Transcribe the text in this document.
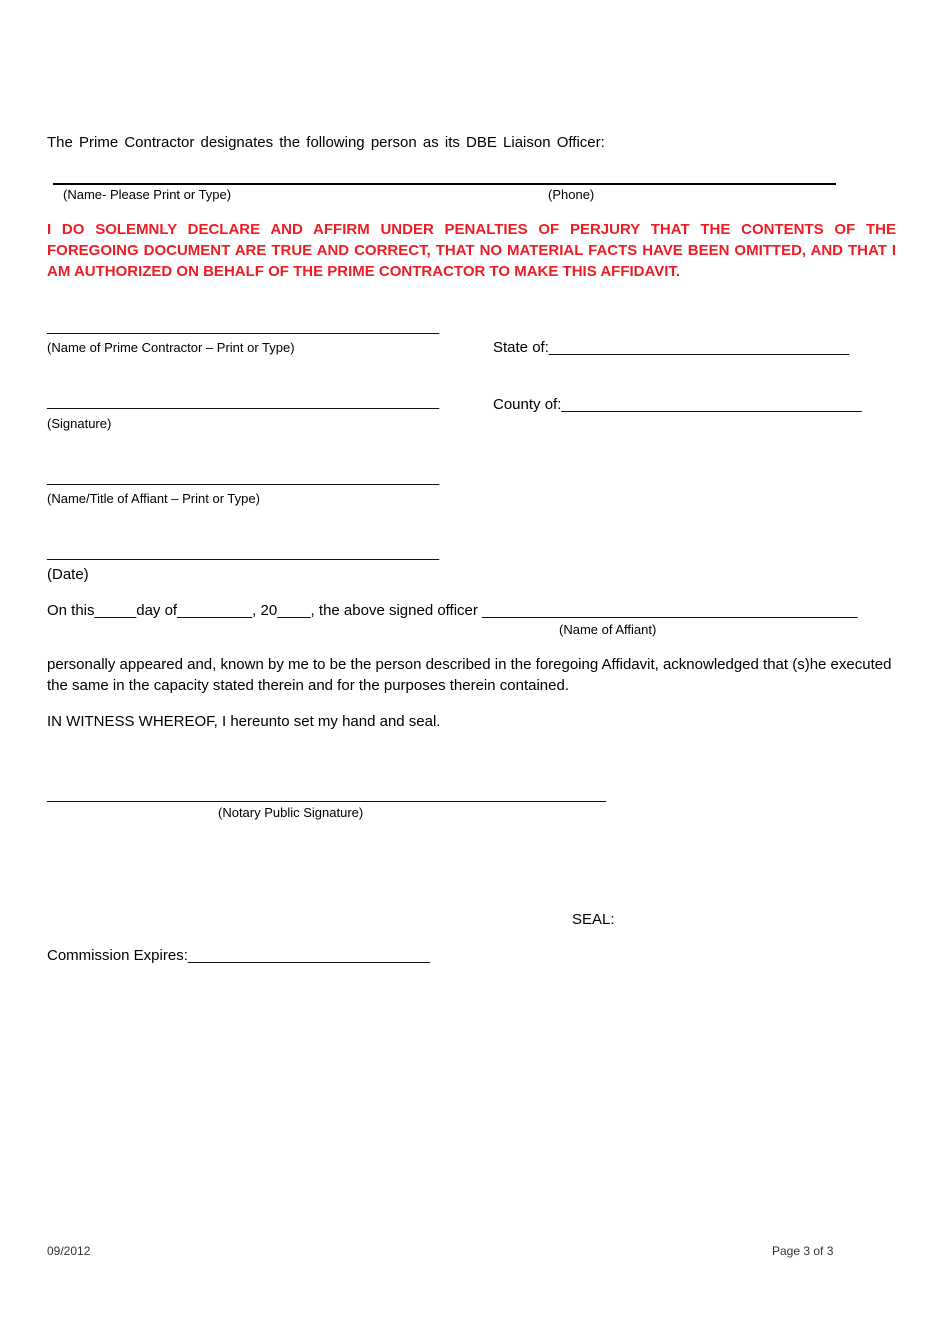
The Prime Contractor designates the following person as its DBE Liaison Officer:
(Name- Please Print or Type)	(Phone)
I DO SOLEMNLY DECLARE AND AFFIRM UNDER PENALTIES OF PERJURY THAT THE CONTENTS OF THE FOREGOING DOCUMENT ARE TRUE AND CORRECT, THAT NO MATERIAL FACTS HAVE BEEN OMITTED, AND THAT I AM AUTHORIZED ON BEHALF OF THE PRIME CONTRACTOR TO MAKE THIS AFFIDAVIT.
_______________________________________________
(Name of Prime Contractor – Print or Type)
_______________________________________________
(Signature)
_______________________________________________
(Name/Title of Affiant – Print or Type)
_______________________________________________
(Date)
State of:____________________________________
County of:____________________________________
On this_____day of_________, 20____, the above signed officer _____________________________________________
(Name of Affiant)
personally appeared and, known by me to be the person described in the foregoing Affidavit, acknowledged that (s)he executed the same in the capacity stated therein and for the purposes therein contained.
IN WITNESS WHEREOF, I hereunto set my hand and seal.
___________________________________________________________________
(Notary Public Signature)
SEAL:
Commission Expires:_____________________________
09/2012	Page 3 of 3
